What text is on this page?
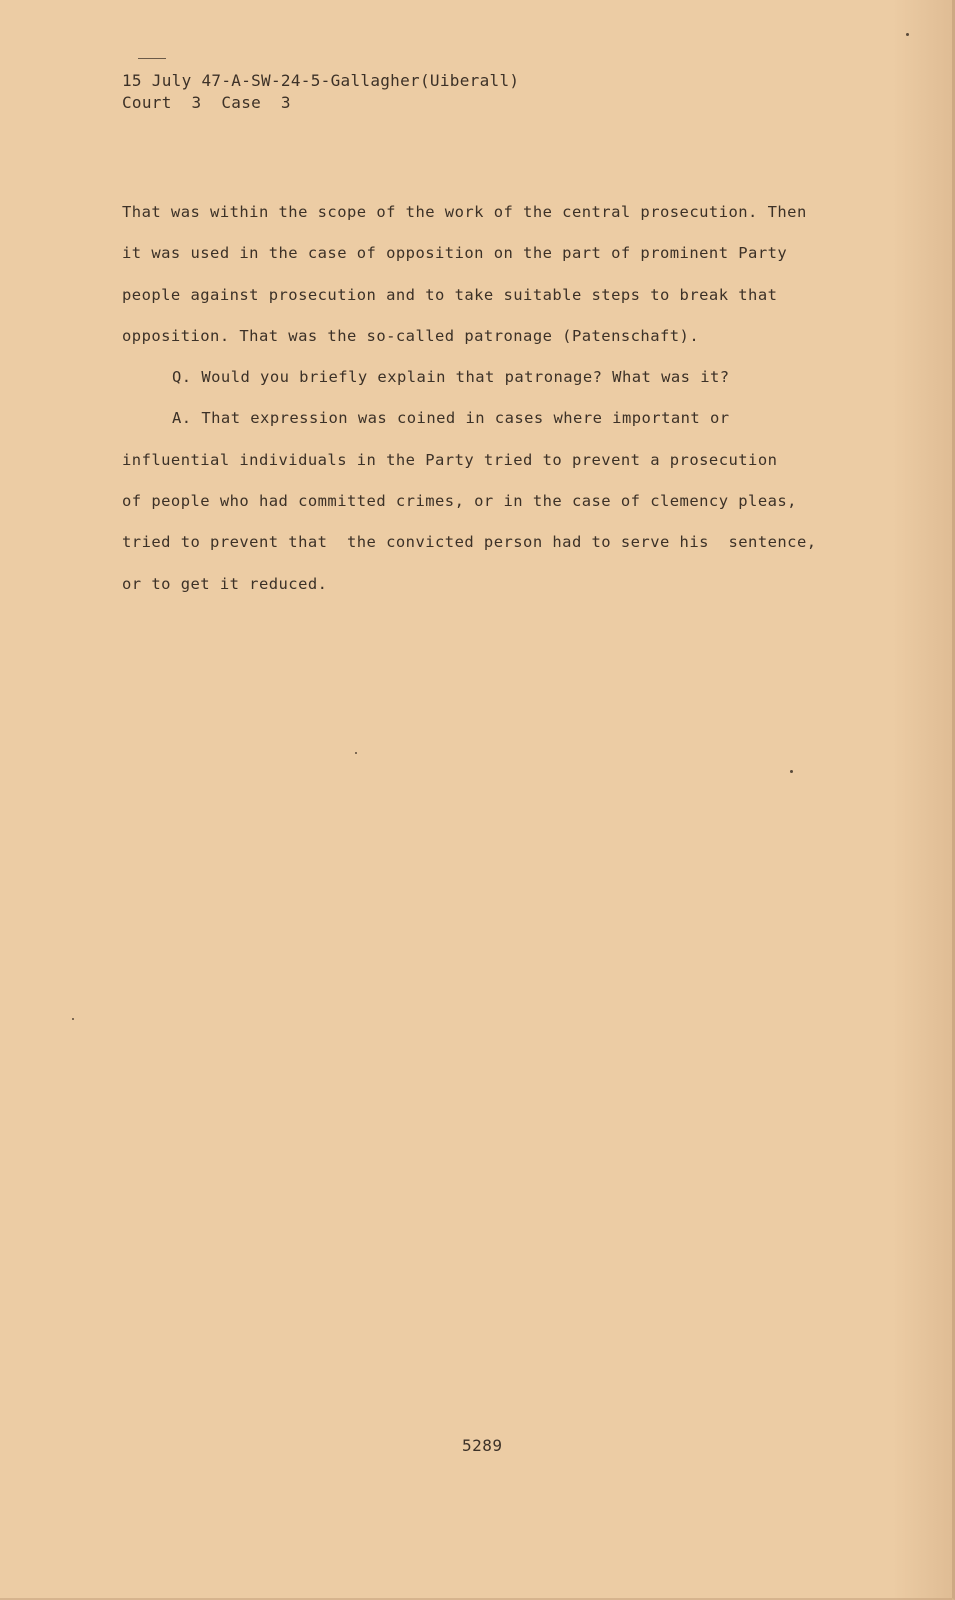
15 July 47-A-SW-24-5-Gallagher(Uiberall)
Court  3  Case  3
That was within the scope of the work of the central prosecution. Then
it was used in the case of opposition on the part of prominent Party
people against prosecution and to take suitable steps to break that
opposition. That was the so-called patronage (Patenschaft).
Q. Would you briefly explain that patronage? What was it?
A. That expression was coined in cases where important or
influential individuals in the Party tried to prevent a prosecution
of people who had committed crimes, or in the case of clemency pleas,
tried to prevent that  the convicted person had to serve his  sentence,
or to get it reduced.
5289
